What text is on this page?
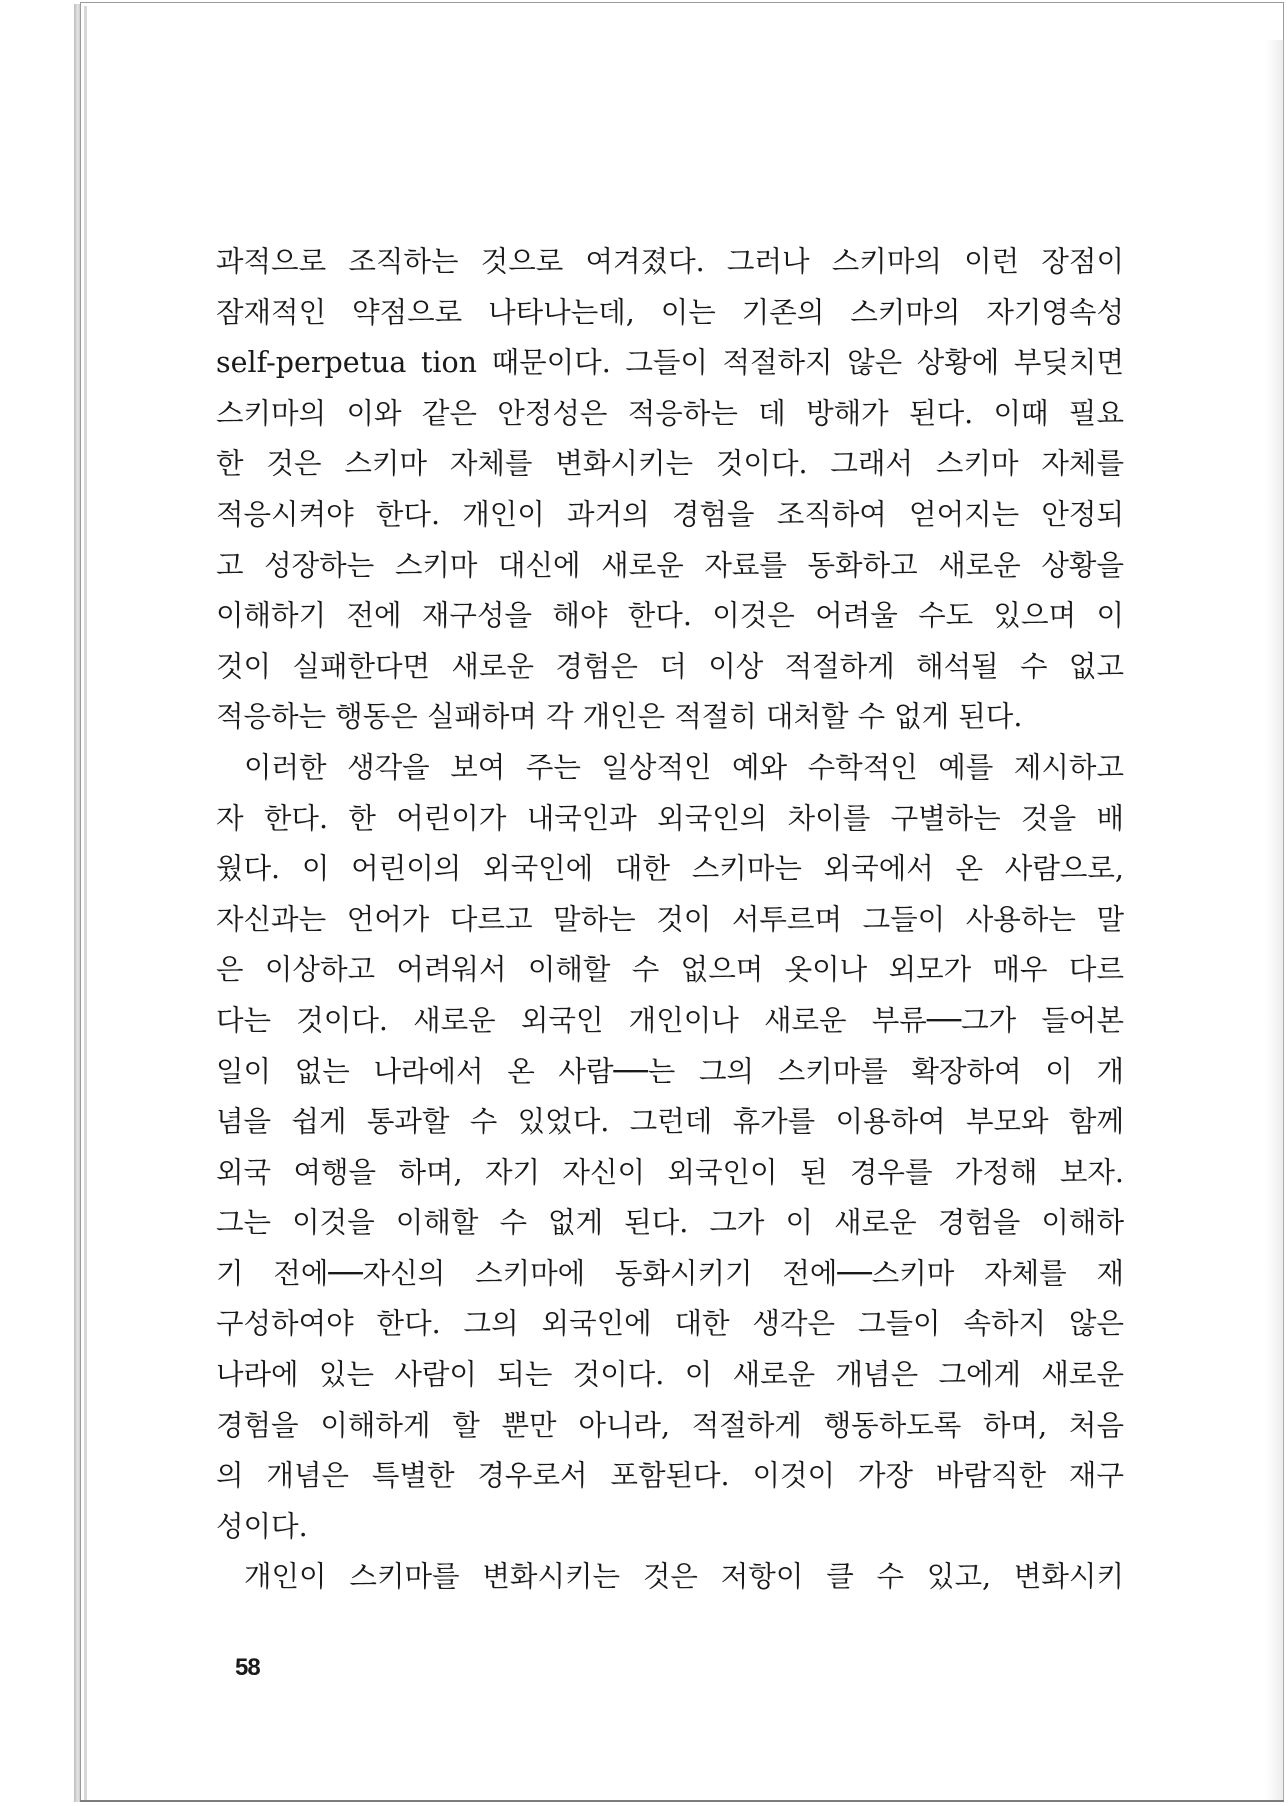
과적으로 조직하는 것으로 여겨졌다. 그러나 스키마의 이런 장점이
잠재적인 약점으로 나타나는데, 이는 기존의 스키마의 자기영속성
self-perpetua tion 때문이다. 그들이 적절하지 않은 상황에 부딪치면
스키마의 이와 같은 안정성은 적응하는 데 방해가 된다. 이때 필요
한 것은 스키마 자체를 변화시키는 것이다. 그래서 스키마 자체를
적응시켜야 한다. 개인이 과거의 경험을 조직하여 얻어지는 안정되
고 성장하는 스키마 대신에 새로운 자료를 동화하고 새로운 상황을
이해하기 전에 재구성을 해야 한다. 이것은 어려울 수도 있으며 이
것이 실패한다면 새로운 경험은 더 이상 적절하게 해석될 수 없고
적응하는 행동은 실패하며 각 개인은 적절히 대처할 수 없게 된다.
이러한 생각을 보여 주는 일상적인 예와 수학적인 예를 제시하고
자 한다. 한 어린이가 내국인과 외국인의 차이를 구별하는 것을 배
웠다. 이 어린이의 외국인에 대한 스키마는 외국에서 온 사람으로,
자신과는 언어가 다르고 말하는 것이 서투르며 그들이 사용하는 말
은 이상하고 어려워서 이해할 수 없으며 옷이나 외모가 매우 다르
다는 것이다. 새로운 외국인 개인이나 새로운 부류──그가 들어본
일이 없는 나라에서 온 사람──는 그의 스키마를 확장하여 이 개
념을 쉽게 통과할 수 있었다. 그런데 휴가를 이용하여 부모와 함께
외국 여행을 하며, 자기 자신이 외국인이 된 경우를 가정해 보자.
그는 이것을 이해할 수 없게 된다. 그가 이 새로운 경험을 이해하
기 전에──자신의 스키마에 동화시키기 전에──스키마 자체를 재
구성하여야 한다. 그의 외국인에 대한 생각은 그들이 속하지 않은
나라에 있는 사람이 되는 것이다. 이 새로운 개념은 그에게 새로운
경험을 이해하게 할 뿐만 아니라, 적절하게 행동하도록 하며, 처음
의 개념은 특별한 경우로서 포함된다. 이것이 가장 바람직한 재구
성이다.
개인이 스키마를 변화시키는 것은 저항이 클 수 있고, 변화시키
58
